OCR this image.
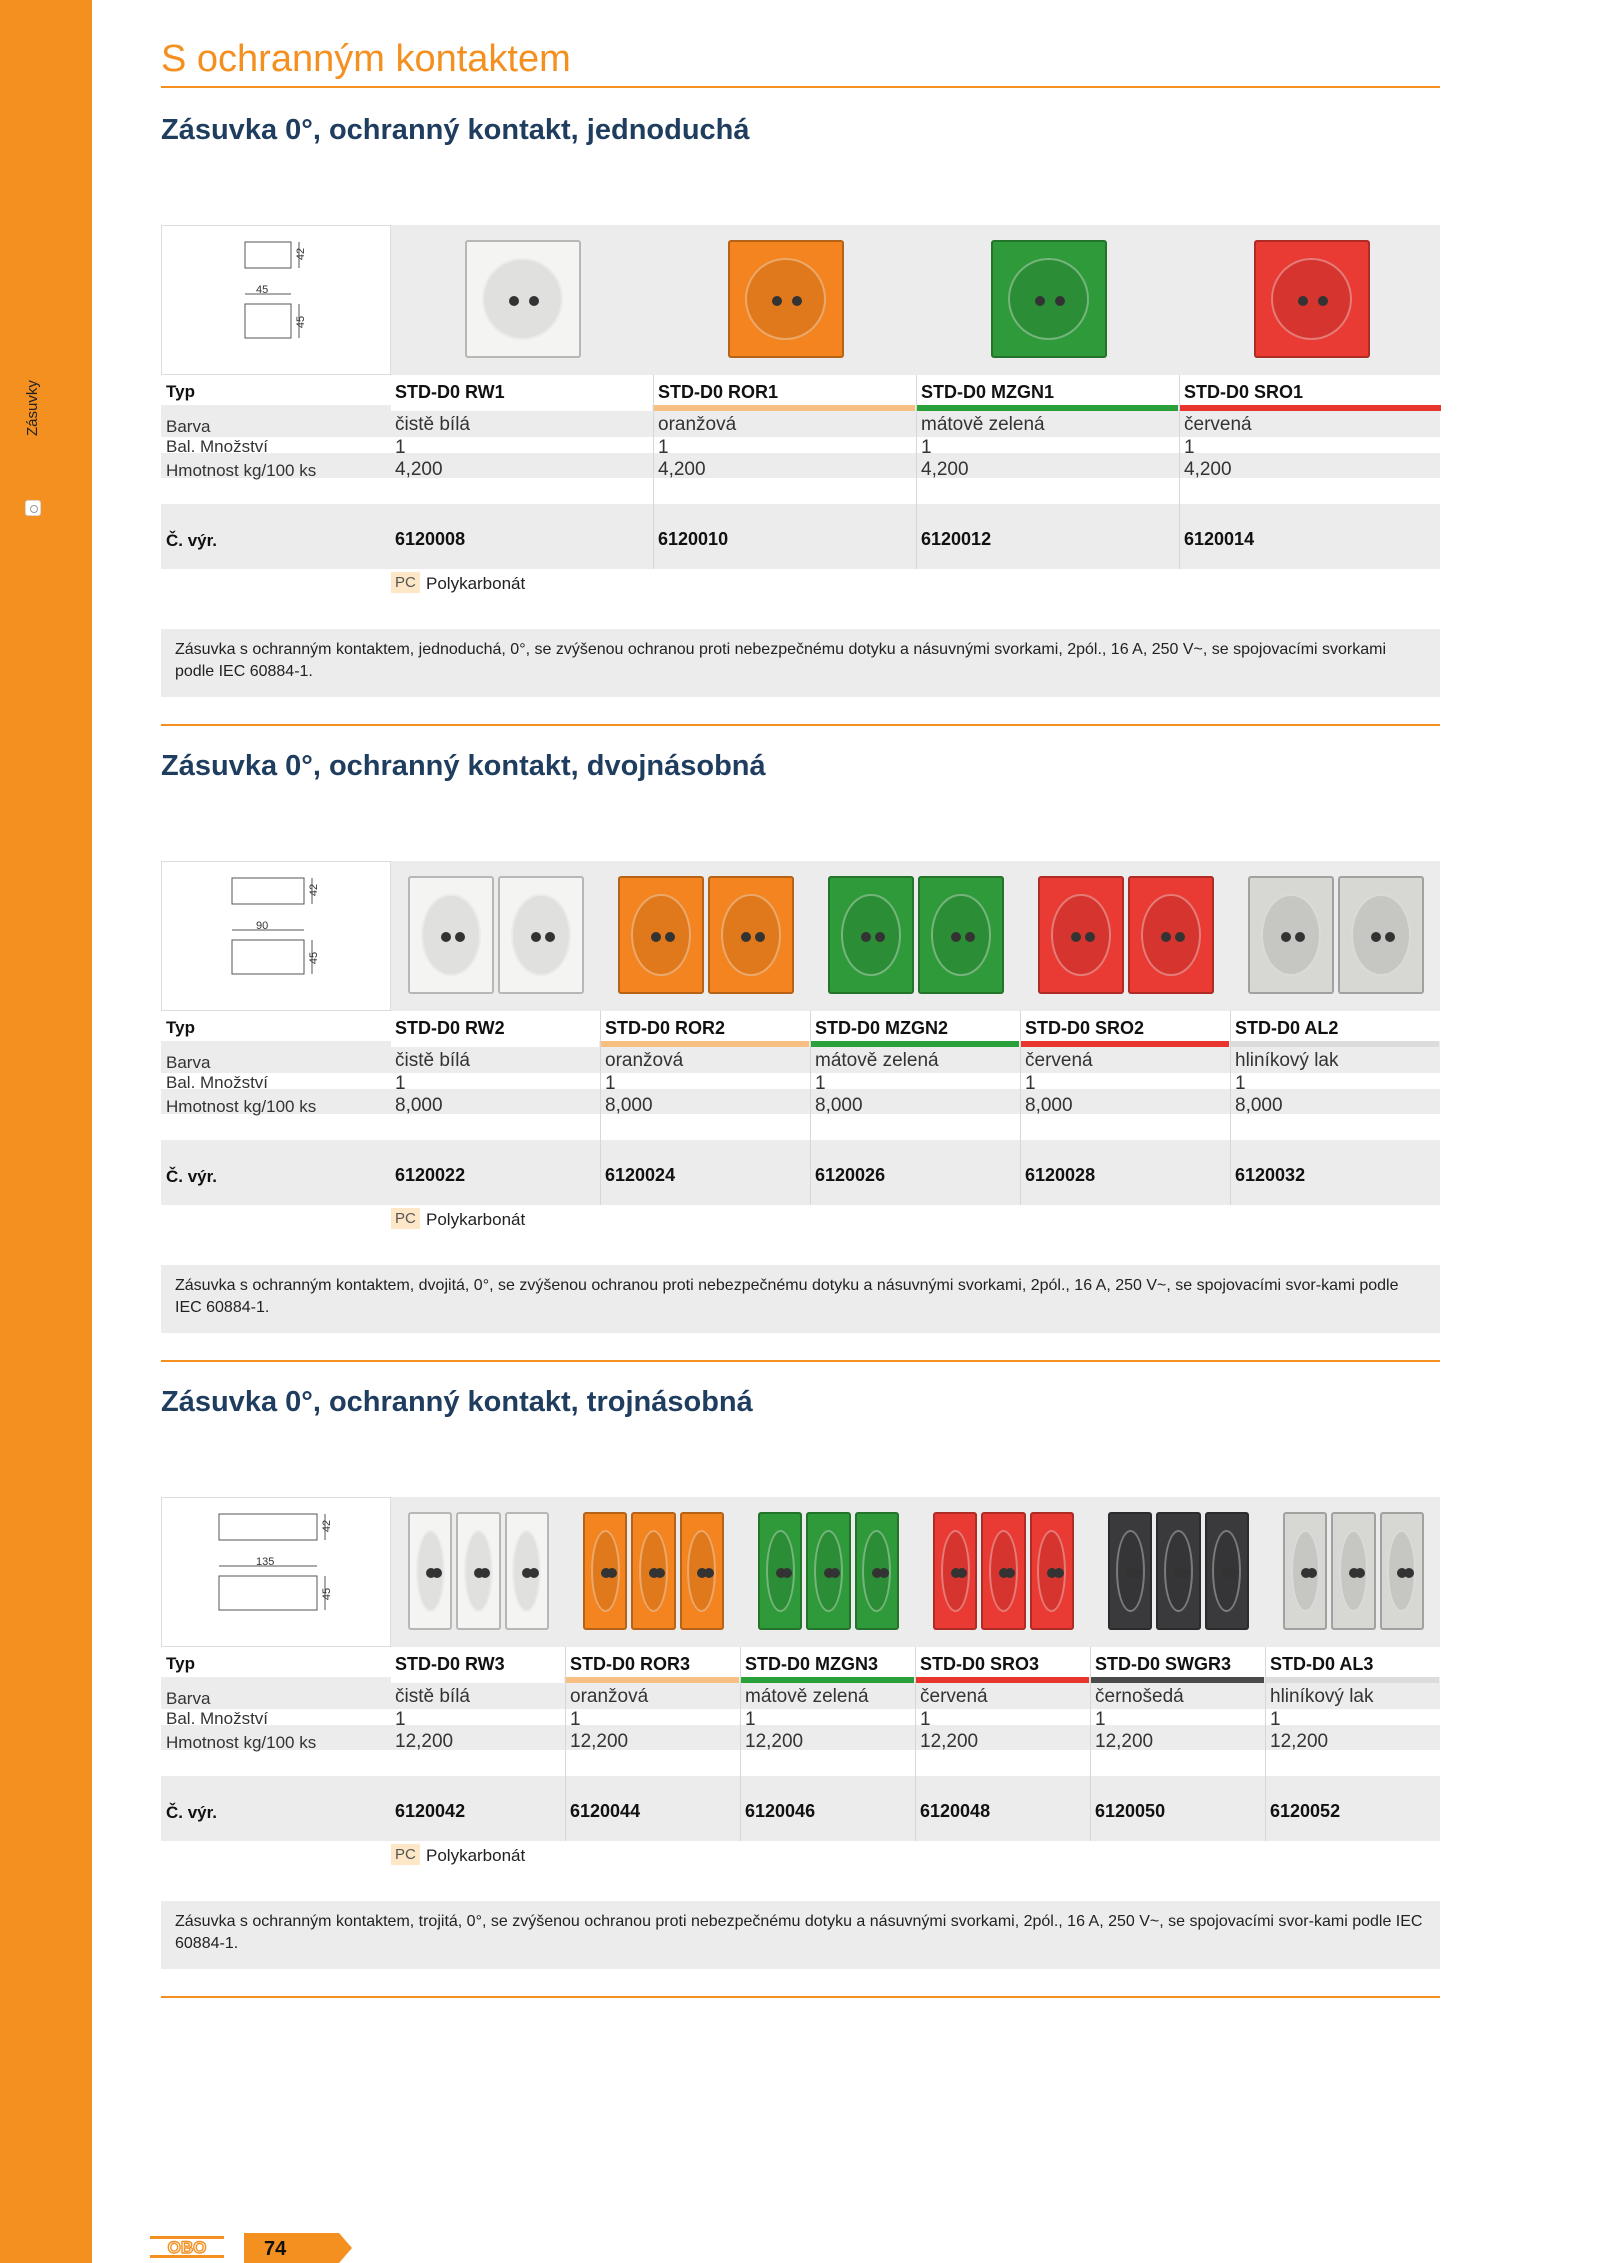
Zásuvky
S ochranným kontaktem
Zásuvka 0°, ochranný kontakt, jednoduchá
45
42
45
Typ
Barva
Bal. Množství
Hmotnost kg/100 ks
Č. výr.
STD-D0 RW1
čistě bílá
1
4,200
6120008
STD-D0 ROR1
oranžová
1
4,200
6120010
STD-D0 MZGN1
mátově zelená
1
4,200
6120012
STD-D0 SRO1
červená
1
4,200
6120014
PC Polykarbonát
Zásuvka s ochranným kontaktem, jednoduchá, 0°, se zvýšenou ochranou proti nebezpečnému dotyku a násuvnými svorkami, 2pól., 16 A, 250 V~, se spojovacími svorkami podle IEC 60884-1.
Zásuvka 0°, ochranný kontakt, dvojnásobná
90
42
45
Typ
Barva
Bal. Množství
Hmotnost kg/100 ks
Č. výr.
STD-D0 RW2
čistě bílá
1
8,000
6120022
STD-D0 ROR2
oranžová
1
8,000
6120024
STD-D0 MZGN2
mátově zelená
1
8,000
6120026
STD-D0 SRO2
červená
1
8,000
6120028
STD-D0 AL2
hliníkový lak
1
8,000
6120032
PC Polykarbonát
Zásuvka s ochranným kontaktem, dvojitá, 0°, se zvýšenou ochranou proti nebezpečnému dotyku a násuvnými svorkami, 2pól., 16 A, 250 V~, se spojovacími svor-kami podle IEC 60884-1.
Zásuvka 0°, ochranný kontakt, trojnásobná
135
42
45
Typ
Barva
Bal. Množství
Hmotnost kg/100 ks
Č. výr.
STD-D0 RW3
čistě bílá
1
12,200
6120042
STD-D0 ROR3
oranžová
1
12,200
6120044
STD-D0 MZGN3
mátově zelená
1
12,200
6120046
STD-D0 SRO3
červená
1
12,200
6120048
STD-D0 SWGR3
černošedá
1
12,200
6120050
STD-D0 AL3
hliníkový lak
1
12,200
6120052
PC Polykarbonát
Zásuvka s ochranným kontaktem, trojitá, 0°, se zvýšenou ochranou proti nebezpečnému dotyku a násuvnými svorkami, 2pól., 16 A, 250 V~, se spojovacími svor-kami podle IEC 60884-1.
OBO	74
